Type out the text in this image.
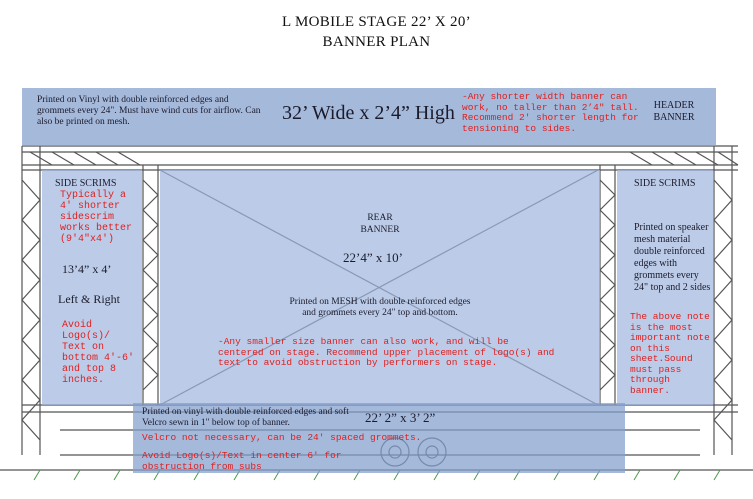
L MOBILE STAGE 22’ X 20’
BANNER PLAN
Printed on Vinyl with double reinforced edges and grommets every 24". Must have wind cuts for airflow. Can also be printed on mesh.	32’ Wide x 2’4” High
-Any shorter width banner can work, no taller than 2’4" tall. Recommend 2' shorter length for tensioning to sides.
HEADER BANNER
SIDE SCRIMS
Typically a 4' shorter sidescrim works better (9'4"x4')
13’4” x 4’
Left & Right
Avoid Logo(s)/ Text on bottom 4'-6' and top 8 inches.
SIDE SCRIMS
Printed on speaker mesh material double reinforced edges with grommets every 24" top and 2 sides
The above note is the most important note on this sheet.Sound must pass through banner.
REAR BANNER
22’4” x 10’
Printed on MESH with double reinforced edges and grommets every 24" top and bottom.
-Any smaller size banner can also work, and will be centered on stage. Recommend upper placement of logo(s) and text to avoid obstruction by performers on stage.
Printed on vinyl with double reinforced edges and soft Velcro sewn in 1" below top of banner.	22’ 2” x 3’ 2”
Velcro not necessary, can be 24' spaced grommets.
Avoid Logo(s)/Text in center 6' for obstruction from subs
